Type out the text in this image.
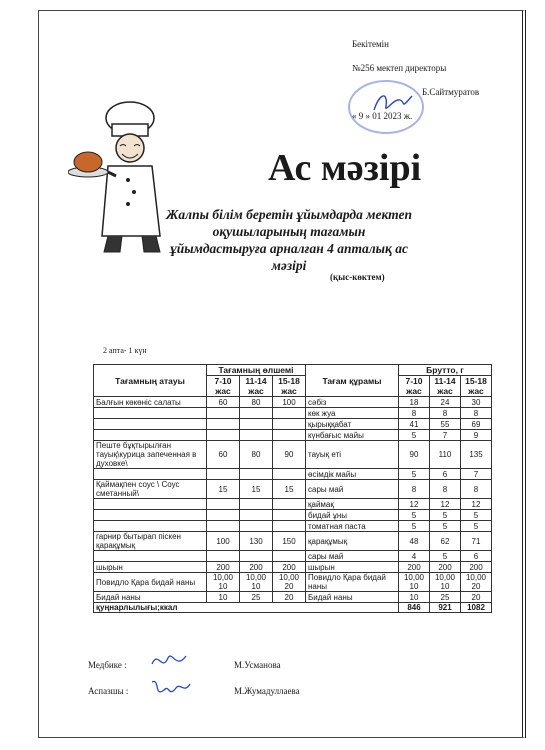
Бекітемін
№256 мектеп директоры
Б.Сайтмуратов
« 9 » 01 2023 ж.
Ас мәзірі
Жалпы білім беретін ұйымдарда мектеп оқушыларының тағамын ұйымдастыруға арналған 4 апталық ас мәзірі
(қыс-көктем)
2 апта- 1 күн
Тағамның атауы	Тағамның өлшемі			Тағам құрамы	Брутто, г		
	7-10 жас	11-14 жас	15-18 жас		7-10 жас	11-14 жас	15-18 жас
Балғын көкөніс салаты	60	80	100	сәбіз	18	24	30
				көк жуа	8	8	8
				қырыққабат	41	55	69
				күнбағыс майы	5	7	9
Пеште бұқтырылған тауық\курица запеченная в духовке\	60	80	90	тауық еті	90	110	135
				өсімдік майы	5	6	7
Қаймақпен соус \ Соус сметанный\	15	15	15	сары май	8	8	8
				қаймақ	12	12	12
				бидай ұны	5	5	5
				томатная паста	5	5	5
гарнир бытырап піскен қарақұмық	100	130	150	қарақұмық	48	62	71
				сары май	4	5	6
шырын	200	200	200	шырын	200	200	200
Повидло Қара бидай наны	10,00 10	10,00 10	10,00 20	Повидло Қара бидай наны	10,00 10	10,00 10	10,00 20
Бидай наны	10	25	20	Бидай наны	10	25	20
қуңнарлылығы;ккал					846	921	1082
Медбике :	М.Усманова
Аспазшы :	М.Жумадуллаева
